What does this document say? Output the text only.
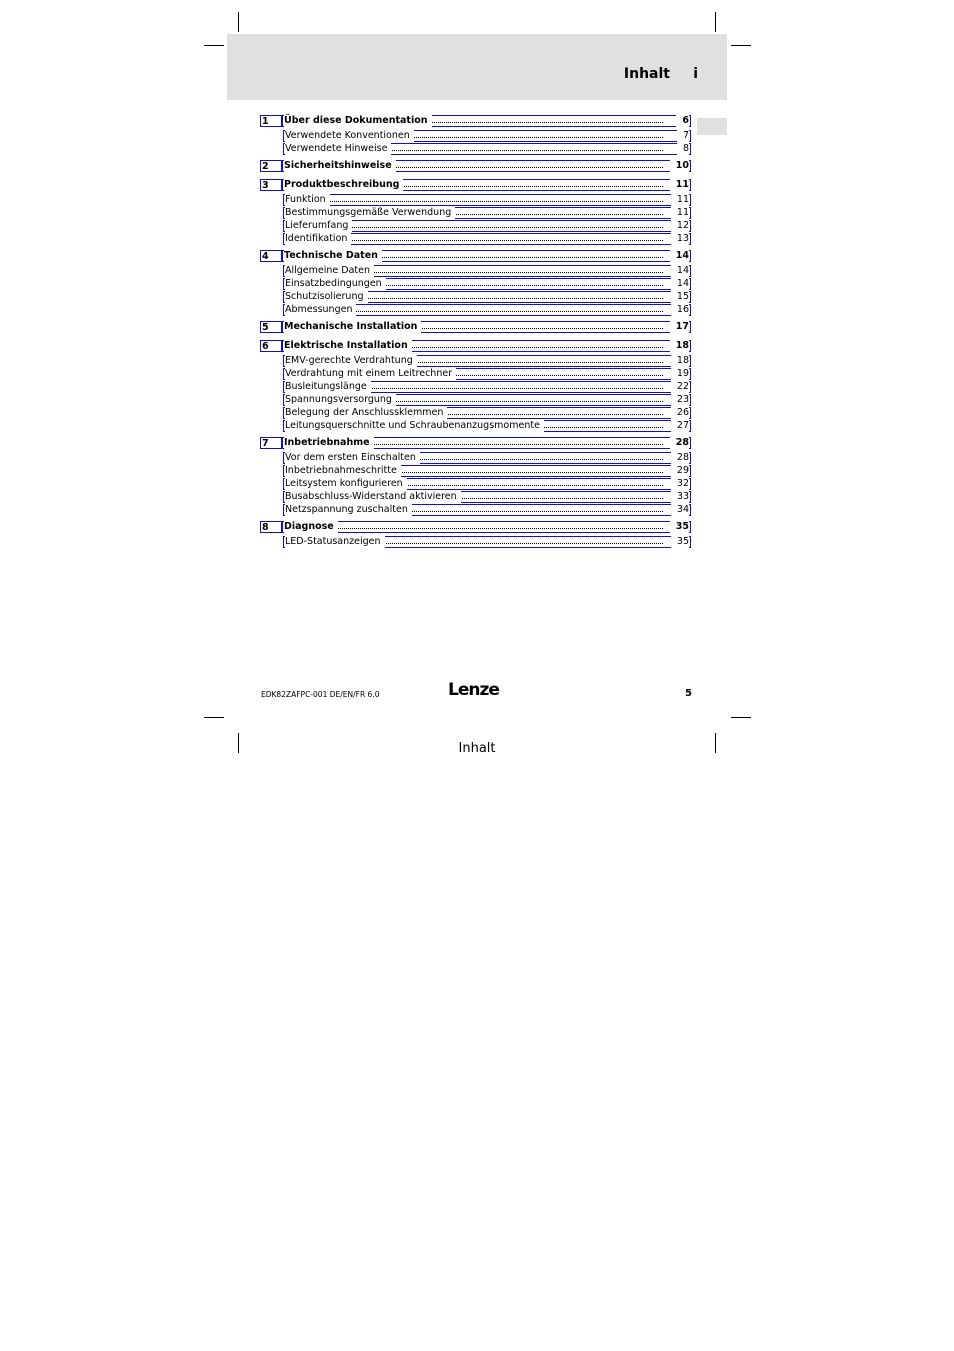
Inhalt i
1	Über diese Dokumentation	6
Verwendete Konventionen	7
Verwendete Hinweise	8
2	Sicherheitshinweise	10
3	Produktbeschreibung	11
Funktion	11
Bestimmungsgemäße Verwendung	11
Lieferumfang	12
Identifikation	13
4	Technische Daten	14
Allgemeine Daten	14
Einsatzbedingungen	14
Schutzisolierung	15
Abmessungen	16
5	Mechanische Installation	17
6	Elektrische Installation	18
EMV-gerechte Verdrahtung	18
Verdrahtung mit einem Leitrechner	19
Busleitungslänge	22
Spannungsversorgung	23
Belegung der Anschlussklemmen	26
Leitungsquerschnitte und Schraubenanzugsmomente	27
7	Inbetriebnahme	28
Vor dem ersten Einschalten	28
Inbetriebnahmeschritte	29
Leitsystem konfigurieren	32
Busabschluss-Widerstand aktivieren	33
Netzspannung zuschalten	34
8	Diagnose	35
LED-Statusanzeigen	35
EDK82ZAFPC-001 DE/EN/FR 6.0	Lenze	5
Inhalt
